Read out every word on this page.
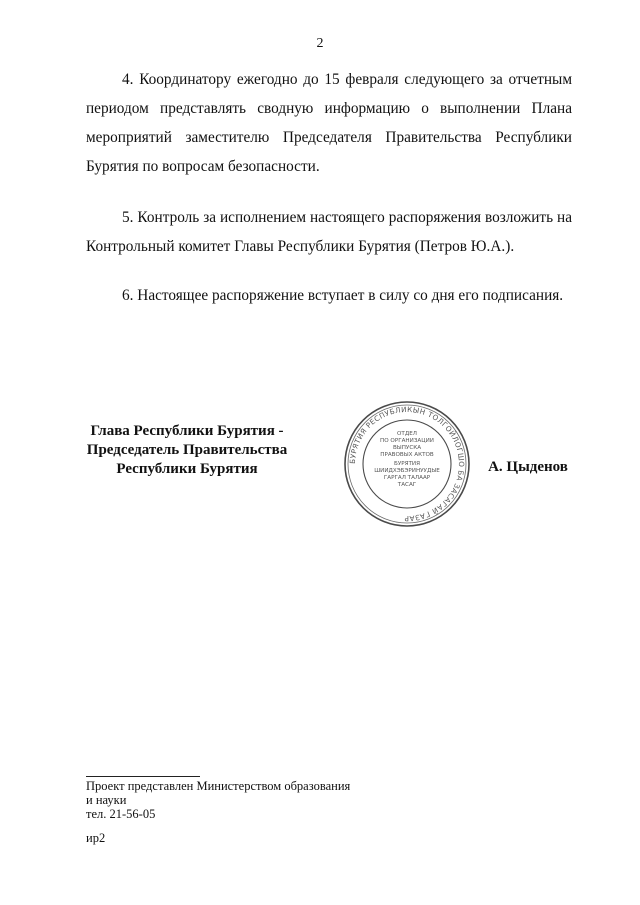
2

4. Координатору ежегодно до 15 февраля следующего за отчетным периодом представлять сводную информацию о выполнении Плана мероприятий заместителю Председателя Правительства Республики Бурятия по вопросам безопасности.

5. Контроль за исполнением настоящего распоряжения возложить на Контрольный комитет Главы Республики Бурятия (Петров Ю.А.).

6. Настоящее распоряжение вступает в силу со дня его подписания.

Глава Республики Бурятия -
Председатель Правительства
Республики Бурятия	БУРЯТИЯ РЕСПУБЛИКЫН ТОЛГОЙЛОГШО БА ЗАСАГАЙ ГАЗАР
ОТДЕЛ
ПО ОРГАНИЗАЦИИ
ВЫПУСКА
ПРАВОВЫХ АКТОВ
БУРЯТИЯ
ШИИДХЭБЭРИНУУДЫЕ
ГАРГАЛ ТАЛААР
ТАСАГ
А. Цыденов
Проект представлен Министерством образования
и науки
тел. 21-56-05
ир2
